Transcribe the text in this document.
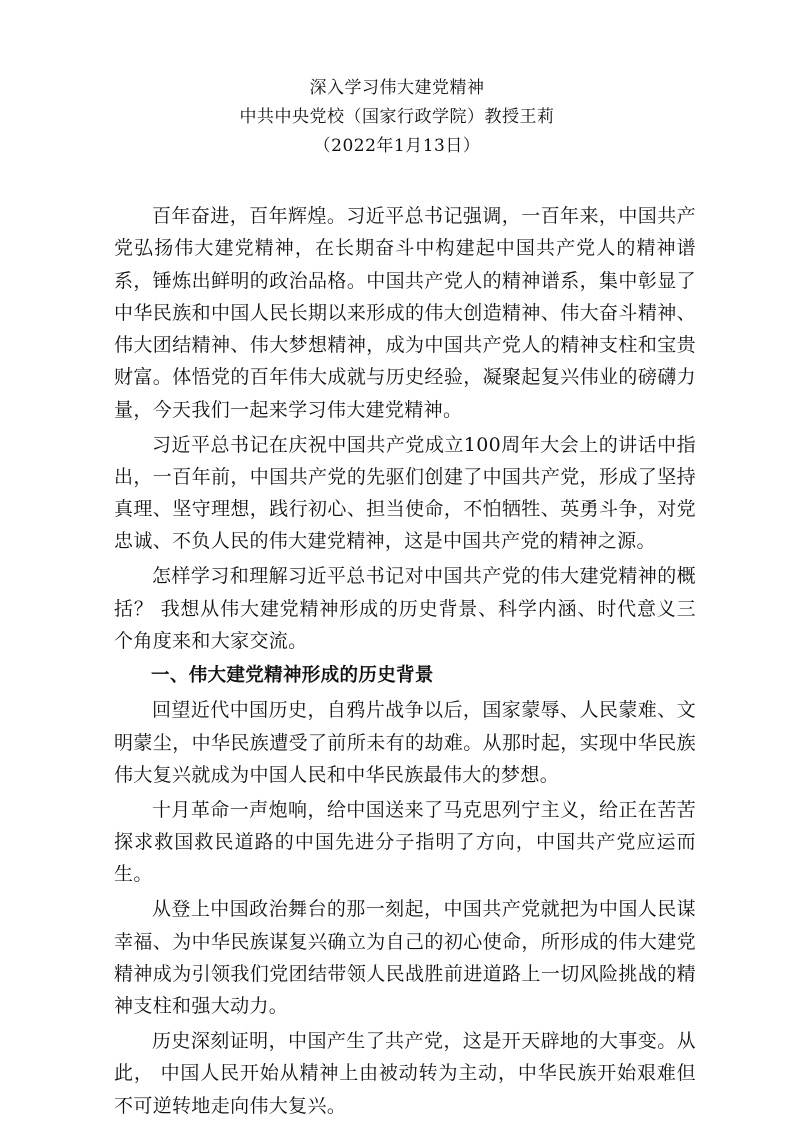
深入学习伟大建党精神
中共中央党校（国家行政学院）教授王莉
（2022年1月13日）

百年奋进，百年辉煌。习近平总书记强调，一百年来，中国共产党弘扬伟大建党精神，在长期奋斗中构建起中国共产党人的精神谱系，锤炼出鲜明的政治品格。中国共产党人的精神谱系，集中彰显了中华民族和中国人民长期以来形成的伟大创造精神、伟大奋斗精神、伟大团结精神、伟大梦想精神，成为中国共产党人的精神支柱和宝贵财富。体悟党的百年伟大成就与历史经验，凝聚起复兴伟业的磅礴力量，今天我们一起来学习伟大建党精神。

习近平总书记在庆祝中国共产党成立100周年大会上的讲话中指出，一百年前，中国共产党的先驱们创建了中国共产党，形成了坚持真理、坚守理想，践行初心、担当使命，不怕牺牲、英勇斗争，对党忠诚、不负人民的伟大建党精神，这是中国共产党的精神之源。

怎样学习和理解习近平总书记对中国共产党的伟大建党精神的概括？ 我想从伟大建党精神形成的历史背景、科学内涵、时代意义三个角度来和大家交流。

一、伟大建党精神形成的历史背景

回望近代中国历史，自鸦片战争以后，国家蒙辱、人民蒙难、文明蒙尘，中华民族遭受了前所未有的劫难。从那时起，实现中华民族伟大复兴就成为中国人民和中华民族最伟大的梦想。

十月革命一声炮响，给中国送来了马克思列宁主义，给正在苦苦探求救国救民道路的中国先进分子指明了方向，中国共产党应运而生。

从登上中国政治舞台的那一刻起，中国共产党就把为中国人民谋幸福、为中华民族谋复兴确立为自己的初心使命，所形成的伟大建党精神成为引领我们党团结带领人民战胜前进道路上一切风险挑战的精神支柱和强大动力。

历史深刻证明，中国产生了共产党，这是开天辟地的大事变。从此， 中国人民开始从精神上由被动转为主动，中华民族开始艰难但不可逆转地走向伟大复兴。
